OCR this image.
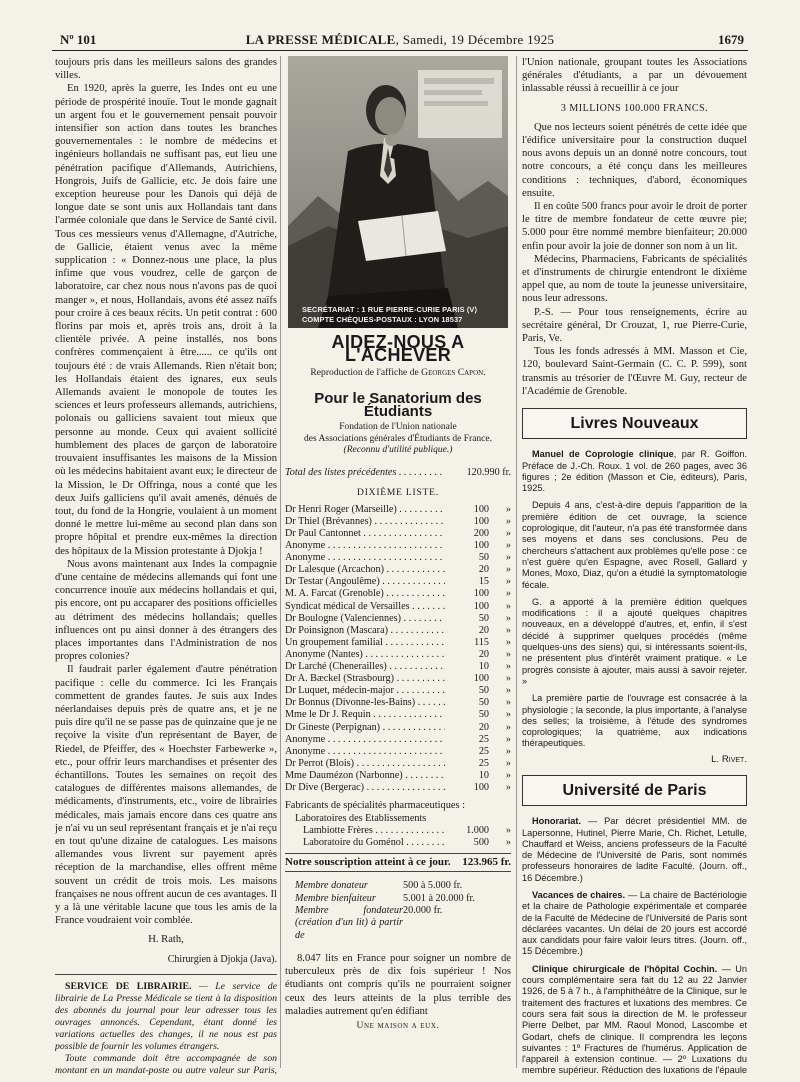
Nº 101	LA PRESSE MÉDICALE, Samedi, 19 Décembre 1925	1679

toujours pris dans les meilleurs salons des grandes villes.

En 1920, après la guerre, les Indes ont eu une période de prospérité inouïe. Tout le monde gagnait un argent fou et le gouvernement pensait pouvoir intensifier son action dans toutes les branches gouvernementales : le nombre de médecins et ingénieurs hollandais ne suffisant pas, eut lieu une pénétration pacifique d'Allemands, Autrichiens, Hongrois, Juifs de Gallicie, etc. Je dois faire une exception heureuse pour les Danois qui déjà de longue date se sont unis aux Hollandais tant dans l'armée coloniale que dans le Service de Santé civil. Tous ces messieurs venus d'Allemagne, d'Autriche, de Gallicie, étaient venus avec la même supplication : « Donnez-nous une place, la plus infime que vous voudrez, celle de garçon de laboratoire, car chez nous nous n'avons pas de quoi manger », et nous, Hollandais, avons été assez naïfs pour croire à ces beaux récits. Un petit contrat : 600 florins par mois et, après trois ans, droit à la clientèle privée. A peine installés, nos bons confrères commençaient à être...... ce qu'ils ont toujours été : de vrais Allemands. Rien n'était bon; les Hollandais étaient des ignares, eux seuls Allemands avaient le monopole de toutes les sciences et leurs professeurs allemands, autrichiens, polonais ou galliciens savaient tout mieux que personne au monde. Ceux qui avaient sollicité humblement des places de garçon de laboratoire trouvaient insuffisantes les maisons de la Mission où les médecins habitaient avant eux; le directeur de la Mission, le Dr Offringa, nous a conté que les deux Juifs galliciens qu'il avait amenés, dénués de tout, du fond de la Hongrie, voulaient à un moment donné le mettre lui-même au second plan dans son propre hôpital et prendre eux-mêmes la direction des hôpitaux de la Mission protestante à Djokja !

Nous avons maintenant aux Indes la compagnie d'une centaine de médecins allemands qui font une concurrence inouïe aux médecins hollandais et qui, pis encore, ont pu accaparer des positions officielles au détriment des médecins hollandais; quelles influences ont pu ainsi donner à des étrangers des places importantes dans l'Administration de nos propres colonies?

Il faudrait parler également d'autre pénétration pacifique : celle du commerce. Ici les Français commettent de grandes fautes. Je suis aux Indes néerlandaises depuis près de quatre ans, et je ne puis dire qu'il ne se passe pas de quinzaine que je ne reçoive la visite d'un représentant de Bayer, de Riedel, de Pfeiffer, des « Hoechster Farbewerke », etc., pour offrir leurs marchandises et présenter des échantillons. Toutes les semaines on reçoit des catalogues de différentes maisons allemandes, de médicaments, d'instruments, etc., voire de librairies médicales, mais jamais encore dans ces quatre ans je n'ai vu un seul représentant français et je n'ai reçu en tout qu'une dizaine de catalogues. Les maisons allemandes vous livrent sur payement après réception de la marchandise, elles offrent même souvent un crédit de trois mois. Les maisons françaises ne nous offrent aucun de ces avantages. Il y a là une véritable lacune que tous les amis de la France voudraient voir comblée.

H. Rath,

Chirurgien à Djokja (Java).

SERVICE DE LIBRAIRIE. — Le service de librairie de La Presse Médicale se tient à la disposition des abonnés du journal pour leur adresser tous les ouvrages annoncés. Cependant, étant donné les variations actuelles des changes, il ne nous est pas possible de fournir les volumes étrangers.

Toute commande doit être accompagnée de son montant en un mandat-poste ou autre valeur sur Paris,

SECRÉTARIAT : 1 RUE PIERRE-CURIE PARIS (V)
COMPTE CHÈQUES-POSTAUX : LYON 18537
AIDEZ-NOUS A L'ACHEVER
Reproduction de l'affiche de Georges Capon.
Pour le Sanatorium des Étudiants
Fondation de l'Union nationale
des Associations générales d'Étudiants de France.
(Reconnu d'utilité publique.)
Total des listes précédentes . . .	120.990 fr.
DIXIÈME LISTE.
Dr Henri Roger (Marseille) . . .	100	»
Dr Thiel (Brévannes) . . .	100	»
Dr Paul Cantonnet . . .	200	»
Anonyme . . .	100	»
Anonyme . . .	50	»
Dr Lalesque (Arcachon) . . .	20	»
Dr Testar (Angoulême) . . .	15	»
M. A. Farcat (Grenoble) . . .	100	»
Syndicat médical de Versailles . . .	100	»
Dr Boulogne (Valenciennes) . . .	50	»
Dr Poinsignon (Mascara) . . .	20	»
Un groupement familial . . .	115	»
Anonyme (Nantes) . . .	20	»
Dr Larché (Chenerailles) . . .	10	»
Dr A. Bæckel (Strasbourg) . . .	100	»
Dr Luquet, médecin-major . . .	50	»
Dr Bonnus (Divonne-les-Bains) . . .	50	»
Mme le Dr J. Requin . . .	50	»
Dr Gineste (Perpignan) . . .	20	»
Anonyme . . .	25	»
Anonyme . . .	25	»
Dr Perrot (Blois) . . .	25	»
Mme Daumézon (Narbonne) . . .	10	»
Dr Dive (Bergerac) . . .	100	»
Fabricants de spécialités pharmaceutiques :
Laboratoires des Etablissements
Lambiotte Frères . . .	1.000	»
Laboratoire du Goménol . . .	500	»
Notre souscription atteint à ce jour.	123.965 fr.
Membre donateur	500 à 5.000 fr.
Membre bienfaiteur	5.001 à 20.000 fr.
Membre fondateur (création d'un lit) à partir de
20.000 fr.

8.047 lits en France pour soigner un nombre de tuberculeux près de dix fois supérieur ! Nos étudiants ont compris qu'ils ne pourraient soigner ceux des leurs atteints de la plus terrible des maladies autrement qu'en édifiant

Une maison a eux.

l'Union nationale, groupant toutes les Associations générales d'étudiants, a par un dévouement inlassable réussi à recueillir à ce jour

3 MILLIONS 100.000 FRANCS.

Que nos lecteurs soient pénétrés de cette idée que l'édifice universitaire pour la construction duquel nous avons depuis un an donné notre concours, tout notre concours, a été conçu dans les meilleures conditions : techniques, d'abord, économiques ensuite.

Il en coûte 500 francs pour avoir le droit de porter le titre de membre fondateur de cette œuvre pie; 5.000 pour être nommé membre bienfaiteur; 20.000 enfin pour avoir la joie de donner son nom à un lit.

Médecins, Pharmaciens, Fabricants de spécialités et d'instruments de chirurgie entendront le dixième appel que, au nom de toute la jeunesse universitaire, nous leur adressons.

P.-S. — Pour tous renseignements, écrire au secrétaire général, Dr Crouzat, 1, rue Pierre-Curie, Paris, Ve.

Tous les fonds adressés à MM. Masson et Cie, 120, boulevard Saint-Germain (C. C. P. 599), sont transmis au trésorier de l'Œuvre M. Guy, recteur de l'Académie de Grenoble.

Livres Nouveaux

Manuel de Coprologie clinique, par R. Goiffon. Préface de J.-Ch. Roux. 1 vol. de 260 pages, avec 36 figures ; 2e édition (Masson et Cie, éditeurs), Paris, 1925.

Depuis 4 ans, c'est-à-dire depuis l'apparition de la première édition de cet ouvrage, la science coprologique, dit l'auteur, n'a pas été transformée dans ses moyens et dans ses conclusions. Peu de chercheurs s'attachent aux problèmes qu'elle pose : ce n'est guère qu'en Espagne, avec Rosell, Gallard y Mones, Moxo, Diaz, qu'on a étudié la symptomatologie fécale.

G. a apporté à la première édition quelques modifications : il a ajouté quelques chapitres nouveaux, en a développé d'autres, et, enfin, il s'est décidé à supprimer quelques procédés (même quelques-uns des siens) qui, si intéressants soient-ils, ne présentent plus d'intérêt vraiment pratique. « Le progrès consiste à ajouter, mais aussi à savoir rejeter. »

La première partie de l'ouvrage est consacrée à la physiologie ; la seconde, la plus importante, à l'analyse des selles; la troisième, à l'étude des syndromes coprologiques; la quatrième, aux indications thérapeutiques.

L. Rivet.
Université de Paris

Honorariat. — Par décret présidentiel MM. de Lapersonne, Hutinel, Pierre Marie, Ch. Richet, Letulle, Chauffard et Weiss, anciens professeurs de la Faculté de Médecine de l'Université de Paris, sont nommés professeurs honoraires de ladite Faculté. (Journ. off., 16 Décembre.)

Vacances de chaires. — La chaire de Bactériologie et la chaire de Pathologie expérimentale et comparée de la Faculté de Médecine de l'Université de Paris sont déclarées vacantes. Un délai de 20 jours est accordé aux candidats pour faire valoir leurs titres. (Journ. off., 15 Décembre.)

Clinique chirurgicale de l'hôpital Cochin. — Un cours complémentaire sera fait du 12 au 22 Janvier 1926, de 5 à 7 h., à l'amphithéâtre de la Clinique, sur le traitement des fractures et luxations des membres. Ce cours sera fait sous la direction de M. le professeur Pierre Delbet, par MM. Raoul Monod, Lascombe et Godart, chefs de clinique. Il comprendra les leçons suivantes : 1º Fractures de l'humérus. Application de l'appareil à extension continue. — 2º Luxations du membre supérieur. Réduction des luxations de l'épaule
